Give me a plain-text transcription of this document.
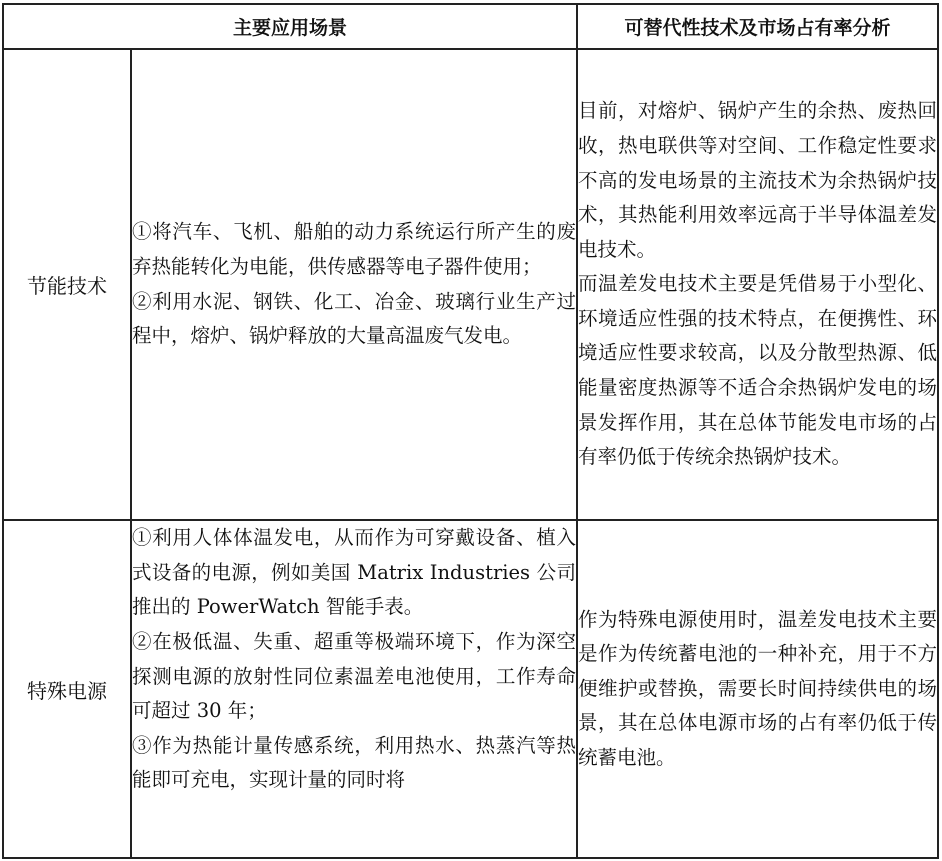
主要应用场景		可替代性技术及市场占有率分析
节能技术	①将汽车、飞机、船舶的动力系统运行所产生的废弃热能转化为电能，供传感器等电子器件使用；
②利用水泥、钢铁、化工、冶金、玻璃行业生产过程中，熔炉、锅炉释放的大量高温废气发电。	目前，对熔炉、锅炉产生的余热、废热回收，热电联供等对空间、工作稳定性要求不高的发电场景的主流技术为余热锅炉技术，其热能利用效率远高于半导体温差发电技术。
而温差发电技术主要是凭借易于小型化、环境适应性强的技术特点，在便携性、环境适应性要求较高，以及分散型热源、低能量密度热源等不适合余热锅炉发电的场景发挥作用，其在总体节能发电市场的占有率仍低于传统余热锅炉技术。

特殊电源	①利用人体体温发电，从而作为可穿戴设备、植入式设备的电源，例如美国 Matrix Industries 公司推出的 PowerWatch 智能手表。
②在极低温、失重、超重等极端环境下，作为深空探测电源的放射性同位素温差电池使用，工作寿命可超过 30 年；
③作为热能计量传感系统，利用热水、热蒸汽等热能即可充电，实现计量的同时将	作为特殊电源使用时，温差发电技术主要是作为传统蓄电池的一种补充，用于不方便维护或替换，需要长时间持续供电的场景，其在总体电源市场的占有率仍低于传统蓄电池。
